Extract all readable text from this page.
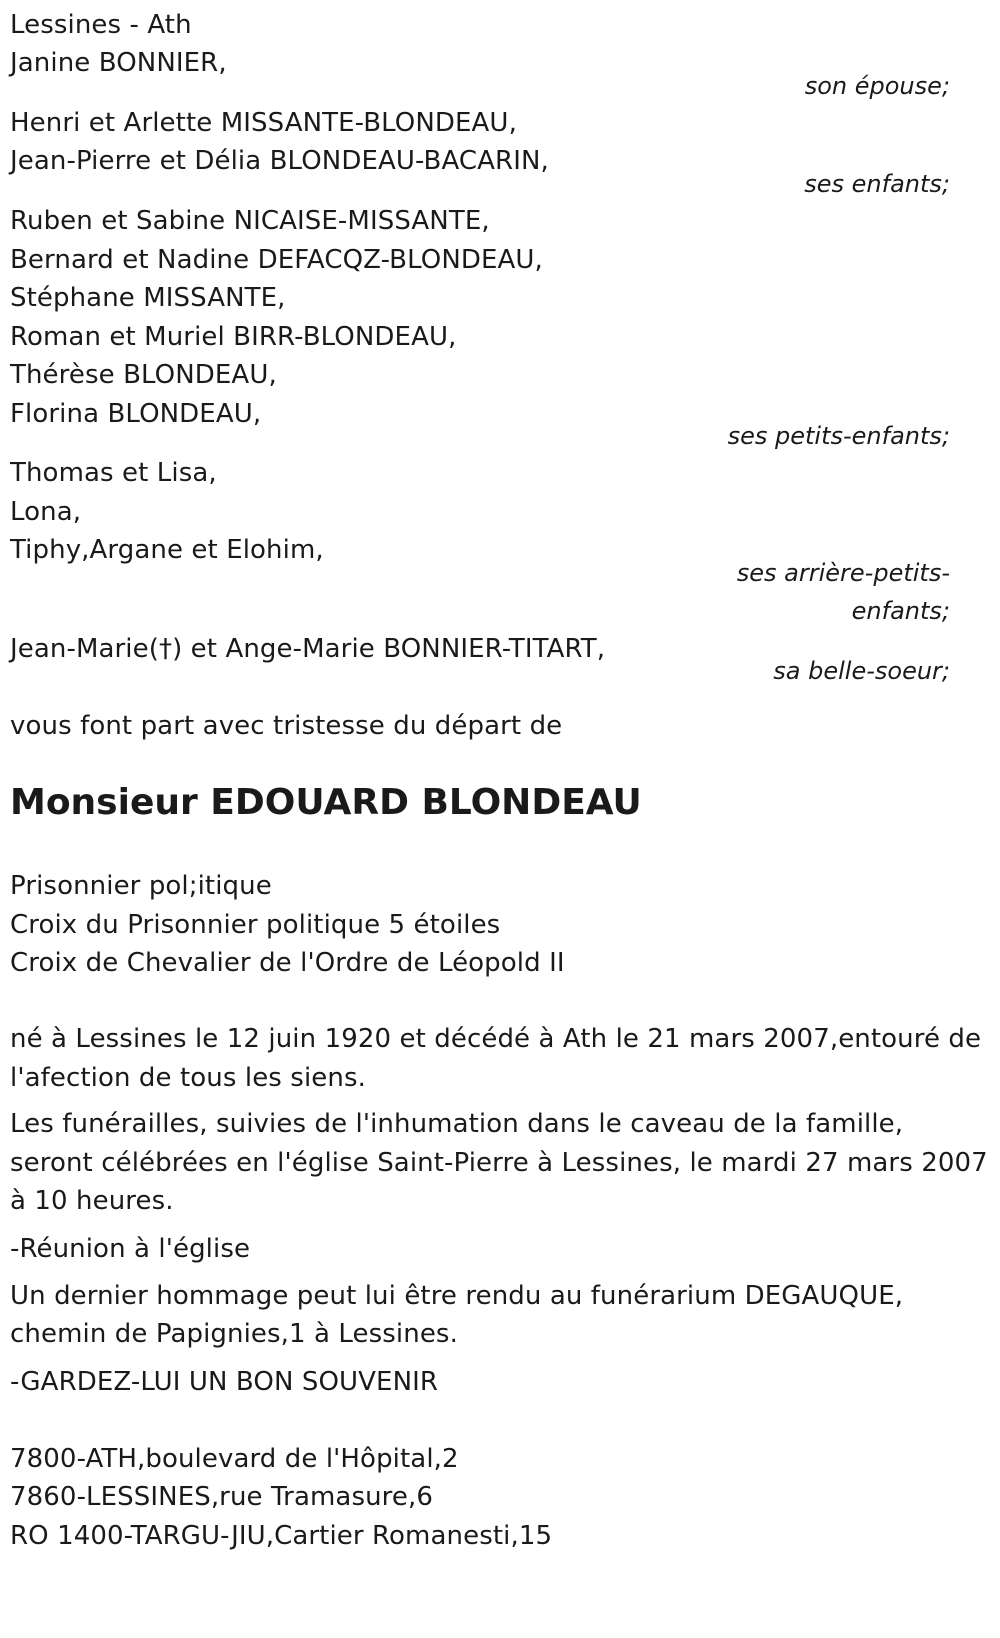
Lessines - Ath
Janine BONNIER,
son épouse;
Henri et Arlette MISSANTE-BLONDEAU,
Jean-Pierre et Délia BLONDEAU-BACARIN,
ses enfants;
Ruben et Sabine NICAISE-MISSANTE,
Bernard et Nadine DEFACQZ-BLONDEAU,
Stéphane MISSANTE,
Roman et Muriel BIRR-BLONDEAU,
Thérèse BLONDEAU,
Florina BLONDEAU,
ses petits-enfants;
Thomas et Lisa,
Lona,
Tiphy,Argane et Elohim,
ses arrière-petits-
enfants;
Jean-Marie(†) et Ange-Marie BONNIER-TITART,
sa belle-soeur;
vous font part avec tristesse du départ de
Monsieur EDOUARD BLONDEAU
Prisonnier pol;itique
Croix du Prisonnier politique 5 étoiles
Croix de Chevalier de l'Ordre de Léopold II
né à Lessines le 12 juin 1920 et décédé à Ath le 21 mars 2007,entouré de
l'afection de tous les siens.
Les funérailles, suivies de l'inhumation dans le caveau de la famille,
seront célébrées en l'église Saint-Pierre à Lessines, le mardi 27 mars 2007
à 10 heures.
-Réunion à l'église
Un dernier hommage peut lui être rendu au funérarium DEGAUQUE,
chemin de Papignies,1 à Lessines.
-GARDEZ-LUI UN BON SOUVENIR
7800-ATH,boulevard de l'Hôpital,2
7860-LESSINES,rue Tramasure,6
RO 1400-TARGU-JIU,Cartier Romanesti,15
